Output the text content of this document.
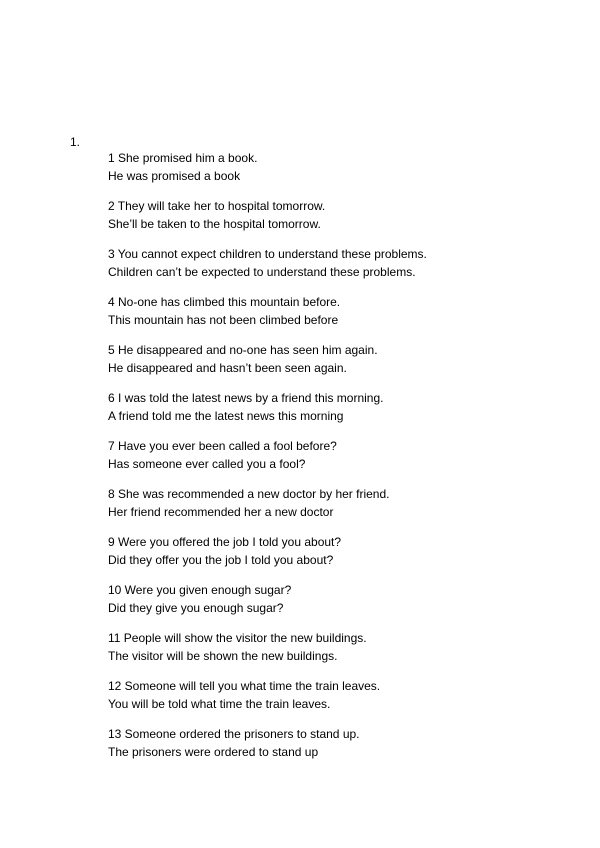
1.
1 She promised him a book.
He was promised a book
2 They will take her to hospital tomorrow.
She’ll be taken to the hospital tomorrow.
3 You cannot expect children to understand these problems.
Children can’t be expected to understand these problems.
4 No-one has climbed this mountain before.
This mountain has not been climbed before
5 He disappeared and no-one has seen him again.
He disappeared and hasn’t been seen again.
6 I was told the latest news by a friend this morning.
A friend told me the latest news this morning
7 Have you ever been called a fool before?
Has someone ever called you a fool?
8 She was recommended a new doctor by her friend.
Her friend recommended her a new doctor
9 Were you offered the job I told you about?
Did they offer you the job I told you about?
10 Were you given enough sugar?
Did they give you enough sugar?
11 People will show the visitor the new buildings.
The visitor will be shown the new buildings.
12 Someone will tell you what time the train leaves.
You will be told what time the train leaves.
13 Someone ordered the prisoners to stand up.
The prisoners were ordered to stand up
